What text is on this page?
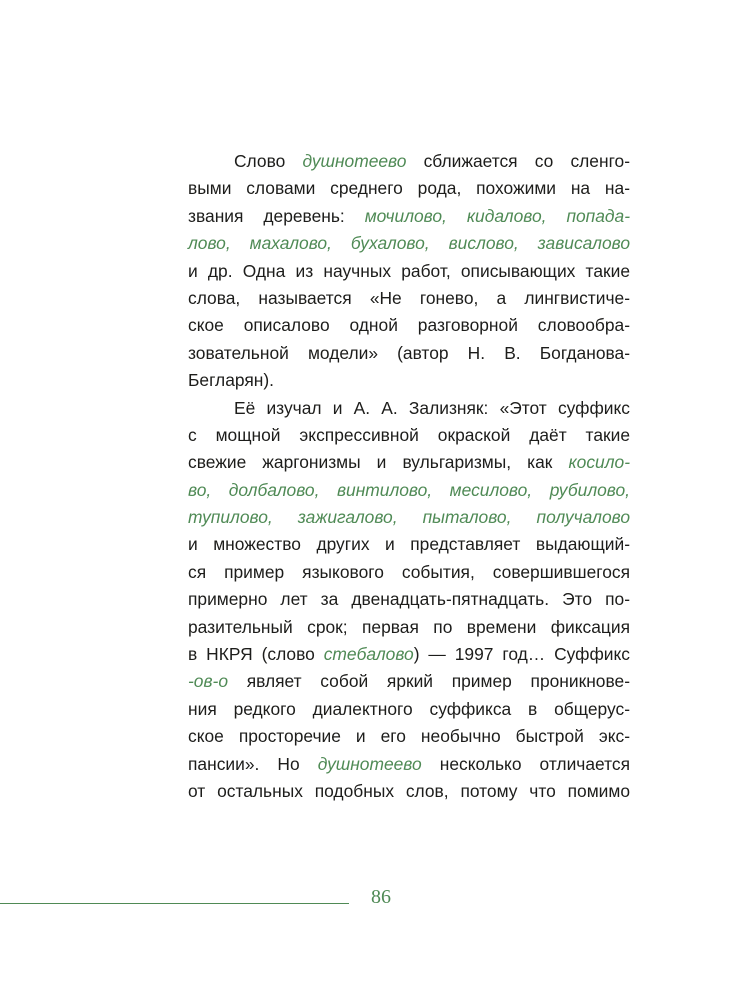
Слово душнотеево сближается со сленго-
выми словами среднего рода, похожими на на-
звания деревень: мочилово, кидалово, попада-
лово, махалово, бухалово, вислово, зависалово
и др. Одна из научных работ, описывающих такие
слова, называется «Не гонево, а лингвистиче-
ское описалово одной разговорной словообра-
зовательной модели» (автор Н. В. Богданова-
Бегларян).
Её изучал и А. А. Зализняк: «Этот суффикс
с мощной экспрессивной окраской даёт такие
свежие жаргонизмы и вульгаризмы, как косило-
во, долбалово, винтилово, месилово, рубилово,
тупилово, зажигалово, пыталово, получалово
и множество других и представляет выдающий-
ся пример языкового события, совершившегося
примерно лет за двенадцать-пятнадцать. Это по-
разительный срок; первая по времени фиксация
в НКРЯ (слово стебалово) — 1997 год… Суффикс
-ов-о являет собой яркий пример проникнове-
ния редкого диалектного суффикса в общерус-
ское просторечие и его необычно быстрой экс-
пансии». Но душнотеево несколько отличается
от остальных подобных слов, потому что помимо
86
